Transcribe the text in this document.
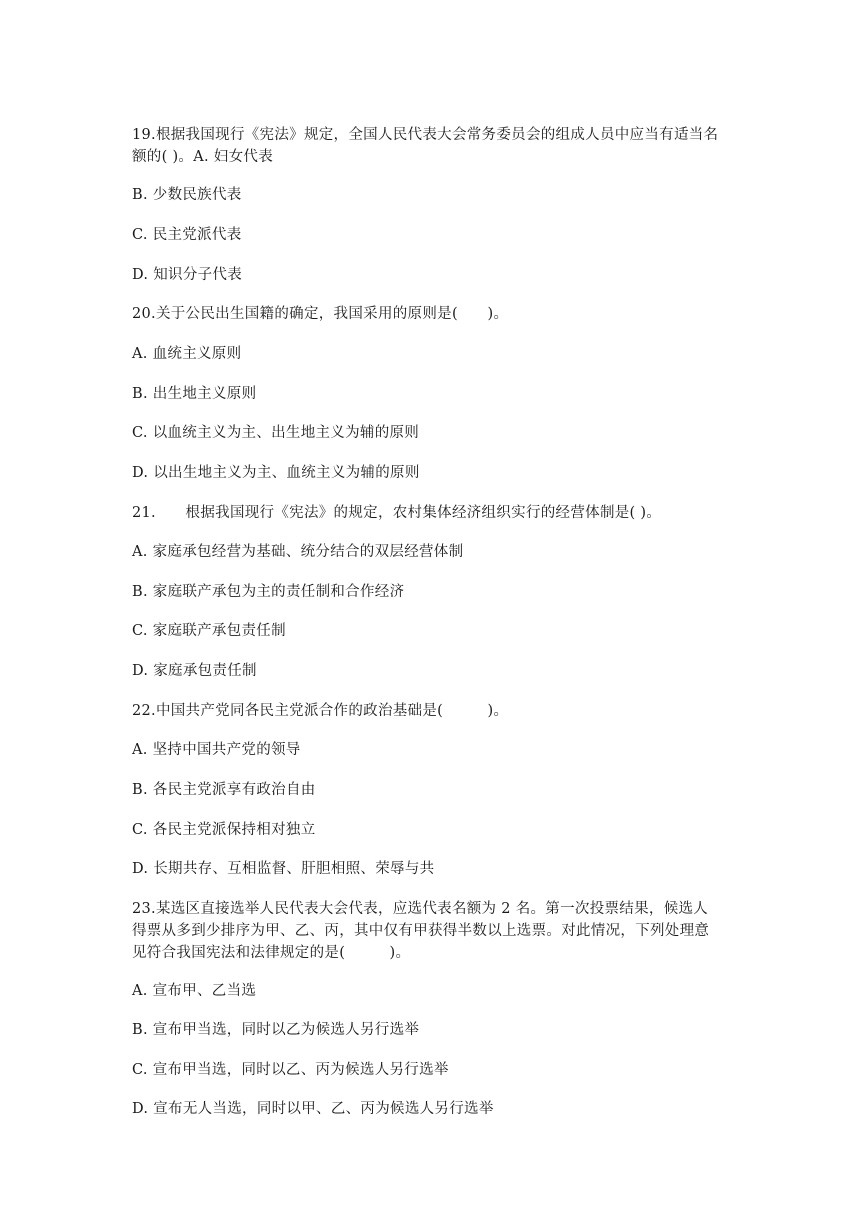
19.根据我国现行《宪法》规定，全国人民代表大会常务委员会的组成人员中应当有适当名
额的( )。A. 妇女代表
B. 少数民族代表
C. 民主党派代表
D. 知识分子代表
20.关于公民出生国籍的确定，我国采用的原则是(　　)。
A. 血统主义原则
B. 出生地主义原则
C. 以血统主义为主、出生地主义为辅的原则
D. 以出生地主义为主、血统主义为辅的原则
21.　　根据我国现行《宪法》的规定，农村集体经济组织实行的经营体制是( )。
A. 家庭承包经营为基础、统分结合的双层经营体制
B. 家庭联产承包为主的责任制和合作经济
C. 家庭联产承包责任制
D. 家庭承包责任制
22.中国共产党同各民主党派合作的政治基础是(　　　)。
A. 坚持中国共产党的领导
B. 各民主党派享有政治自由
C. 各民主党派保持相对独立
D. 长期共存、互相监督、肝胆相照、荣辱与共
23.某选区直接选举人民代表大会代表，应选代表名额为 2 名。第一次投票结果，候选人
得票从多到少排序为甲、乙、丙，其中仅有甲获得半数以上选票。对此情况，下列处理意
见符合我国宪法和法律规定的是(　　　)。
A. 宣布甲、乙当选
B. 宣布甲当选，同时以乙为候选人另行选举
C. 宣布甲当选，同时以乙、丙为候选人另行选举
D. 宣布无人当选，同时以甲、乙、丙为候选人另行选举
